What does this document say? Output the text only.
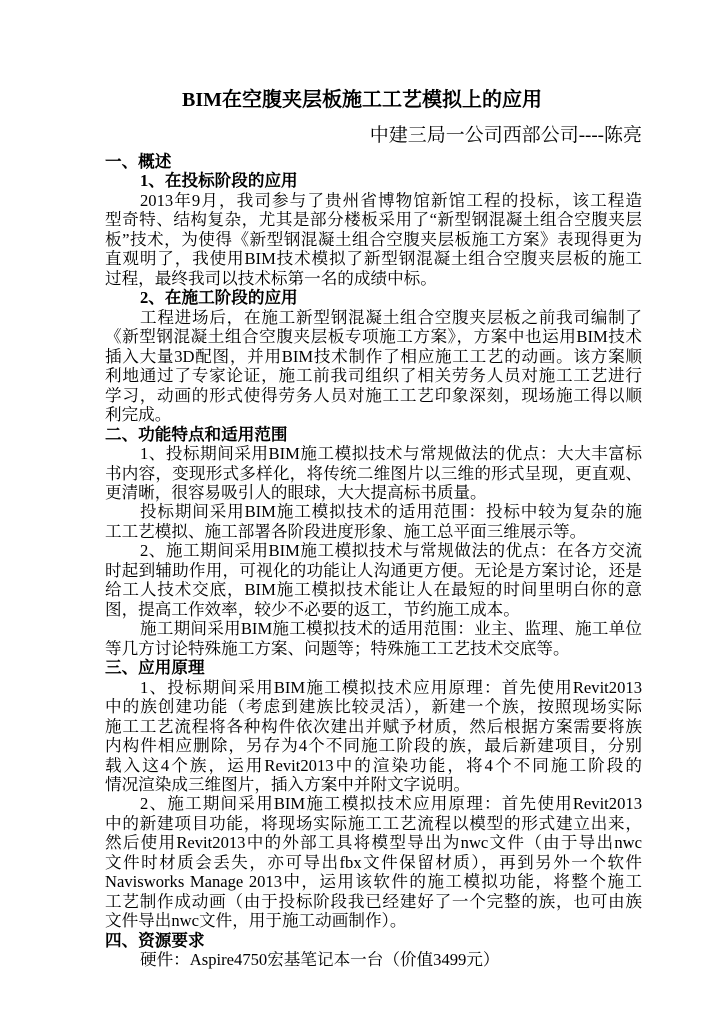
BIM在空腹夹层板施工工艺模拟上的应用
中建三局一公司西部公司----陈亮
一、概述
1、在投标阶段的应用
2013年9月，我司参与了贵州省博物馆新馆工程的投标，该工程造
型奇特、结构复杂，尤其是部分楼板采用了“新型钢混凝土组合空腹夹层
板”技术，为使得《新型钢混凝土组合空腹夹层板施工方案》表现得更为
直观明了，我使用BIM技术模拟了新型钢混凝土组合空腹夹层板的施工
过程，最终我司以技术标第一名的成绩中标。
2、在施工阶段的应用
工程进场后，在施工新型钢混凝土组合空腹夹层板之前我司编制了
《新型钢混凝土组合空腹夹层板专项施工方案》，方案中也运用BIM技术
插入大量3D配图，并用BIM技术制作了相应施工工艺的动画。该方案顺
利地通过了专家论证，施工前我司组织了相关劳务人员对施工工艺进行
学习，动画的形式使得劳务人员对施工工艺印象深刻，现场施工得以顺
利完成。
二、功能特点和适用范围
1、投标期间采用BIM施工模拟技术与常规做法的优点：大大丰富标
书内容，变现形式多样化，将传统二维图片以三维的形式呈现，更直观、
更清晰，很容易吸引人的眼球，大大提高标书质量。
投标期间采用BIM施工模拟技术的适用范围：投标中较为复杂的施
工工艺模拟、施工部署各阶段进度形象、施工总平面三维展示等。
2、施工期间采用BIM施工模拟技术与常规做法的优点：在各方交流
时起到辅助作用，可视化的功能让人沟通更方便。无论是方案讨论，还是
给工人技术交底，BIM施工模拟技术能让人在最短的时间里明白你的意
图，提高工作效率，较少不必要的返工，节约施工成本。
施工期间采用BIM施工模拟技术的适用范围：业主、监理、施工单位
等几方讨论特殊施工方案、问题等；特殊施工工艺技术交底等。
三、应用原理
1、投标期间采用BIM施工模拟技术应用原理：首先使用Revit2013
中的族创建功能（考虑到建族比较灵活），新建一个族，按照现场实际
施工工艺流程将各种构件依次建出并赋予材质，然后根据方案需要将族
内构件相应删除，另存为4个不同施工阶段的族，最后新建项目，分别
载入这4个族，运用Revit2013中的渲染功能，将4个不同施工阶段的
情况渲染成三维图片，插入方案中并附文字说明。
2、施工期间采用BIM施工模拟技术应用原理：首先使用Revit2013
中的新建项目功能，将现场实际施工工艺流程以模型的形式建立出来，
然后使用Revit2013中的外部工具将模型导出为nwc文件（由于导出nwc
文件时材质会丢失，亦可导出fbx文件保留材质），再到另外一个软件
Navisworks Manage 2013中，运用该软件的施工模拟功能，将整个施工
工艺制作成动画（由于投标阶段我已经建好了一个完整的族，也可由族
文件导出nwc文件，用于施工动画制作）。
四、资源要求
硬件：Aspire4750宏基笔记本一台（价值3499元）
